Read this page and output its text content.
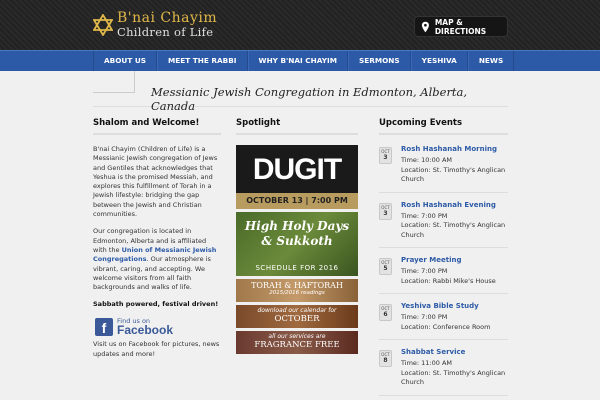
B'nai Chayim
Children of Life
MAP & DIRECTIONS
ABOUT US	MEET THE RABBI	WHY B'NAI CHAYIM	SERMONS	YESHIVA	NEWS
Messianic Jewish Congregation in Edmonton, Alberta, Canada
Shalom and Welcome!

B'nai Chayim (Children of Life) is a Messianic Jewish congregation of Jews and Gentiles that acknowledges that Yeshua is the promised Messiah, and explores this fulfillment of Torah in a Jewish lifestyle: bridging the gap between the Jewish and Christian communities.

Our congregation is located in Edmonton, Alberta and is affiliated with the Union of Messianic Jewish Congregations. Our atmosphere is vibrant, caring, and accepting. We welcome visitors from all faith backgrounds and walks of life.

Sabbath powered, festival driven!

f	Find us on
Facebook

Visit us on Facebook for pictures, news updates and more!

Spotlight
DUGIT
OCTOBER 13 | 7:00 PM
High Holy Days
& Sukkoth
SCHEDULE FOR 2016
TORAH & HAFTORAH
2015/2016 readings
download our calendar for
OCTOBER
all our services are
FRAGRANCE FREE
Upcoming Events
OCT
3
Rosh Hashanah Morning
Time: 10:00 AM
Location: St. Timothy's Anglican Church
OCT
3
Rosh Hashanah Evening
Time: 7:00 PM
Location: St. Timothy's Anglican Church
OCT
5
Prayer Meeting
Time: 7:00 PM
Location: Rabbi Mike's House
OCT
6
Yeshiva Bible Study
Time: 7:00 PM
Location: Conference Room
OCT
8
Shabbat Service
Time: 11:00 AM
Location: St. Timothy's Anglican Church
